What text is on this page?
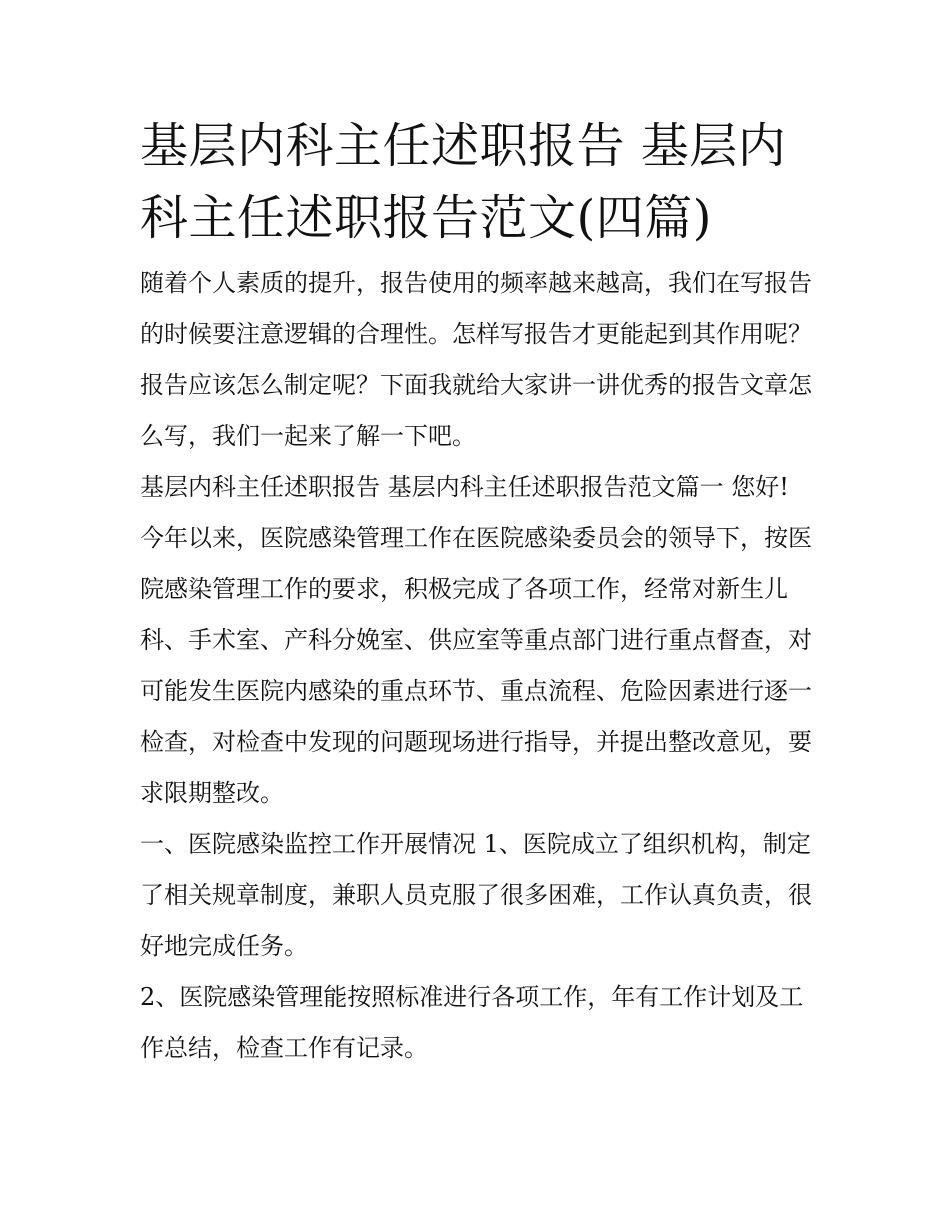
基层内科主任述职报告 基层内科主任述职报告范文(四篇)

随着个人素质的提升，报告使用的频率越来越高，我们在写报告的时候要注意逻辑的合理性。怎样写报告才更能起到其作用呢？报告应该怎么制定呢？下面我就给大家讲一讲优秀的报告文章怎么写，我们一起来了解一下吧。

基层内科主任述职报告 基层内科主任述职报告范文篇一 您好!今年以来，医院感染管理工作在医院感染委员会的领导下，按医院感染管理工作的要求，积极完成了各项工作，经常对新生儿科、手术室、产科分娩室、供应室等重点部门进行重点督查，对可能发生医院内感染的重点环节、重点流程、危险因素进行逐一检查，对检查中发现的问题现场进行指导，并提出整改意见，要求限期整改。

一、医院感染监控工作开展情况 1、医院成立了组织机构，制定了相关规章制度，兼职人员克服了很多困难，工作认真负责，很好地完成任务。

2、医院感染管理能按照标准进行各项工作，年有工作计划及工作总结，检查工作有记录。
